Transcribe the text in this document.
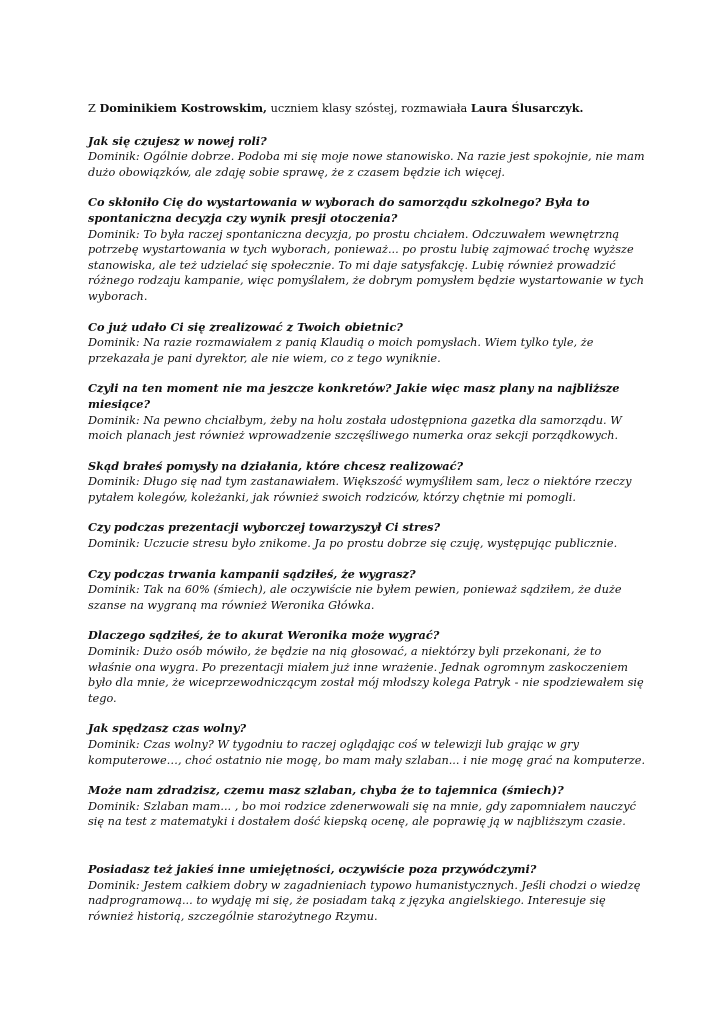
Z Dominikiem Kostrowskim, uczniem klasy szóstej, rozmawiała Laura Ślusarczyk.

Jak się czujesz w nowej roli?

Dominik: Ogólnie dobrze. Podoba mi się moje nowe stanowisko. Na razie jest spokojnie, nie mam dużo obowiązków, ale zdaję sobie sprawę, że z czasem będzie ich więcej.

Co skłoniło Cię do wystartowania w wyborach do samorządu szkolnego? Była to spontaniczna decyzja czy wynik presji otoczenia?

Dominik: To była raczej spontaniczna decyzja, po prostu chciałem. Odczuwałem wewnętrzną potrzebę wystartowania w tych wyborach, ponieważ... po prostu lubię zajmować trochę wyższe stanowiska, ale też udzielać się społecznie. To mi daje satysfakcję. Lubię również prowadzić różnego rodzaju kampanie, więc pomyślałem, że dobrym pomysłem będzie wystartowanie w tych wyborach.

Co już udało Ci się zrealizować z Twoich obietnic?

Dominik: Na razie rozmawiałem z panią Klaudią o moich pomysłach. Wiem tylko tyle, że przekazała je pani dyrektor, ale nie wiem, co z tego wyniknie.

Czyli na ten moment nie ma jeszcze konkretów? Jakie więc masz plany na najbliższe miesiące?

Dominik: Na pewno chciałbym, żeby na holu została udostępniona gazetka dla samorządu. W moich planach jest również wprowadzenie szczęśliwego numerka oraz sekcji porządkowych.

Skąd brałeś pomysły na działania, które chcesz realizować?

Dominik: Długo się nad tym zastanawiałem. Większość wymyśliłem sam, lecz o niektóre rzeczy pytałem kolegów, koleżanki, jak również swoich rodziców, którzy chętnie mi pomogli.

Czy podczas prezentacji wyborczej towarzyszył Ci stres?

Dominik: Uczucie stresu było znikome. Ja po prostu dobrze się czuję, występując publicznie.

Czy podczas trwania kampanii sądziłeś, że wygrasz?

Dominik: Tak na 60% (śmiech), ale oczywiście nie byłem pewien, ponieważ sądziłem, że duże szanse na wygraną ma również Weronika Główka.

Dlaczego sądziłeś, że to akurat Weronika może wygrać?

Dominik: Dużo osób mówiło, że będzie na nią głosować, a niektórzy byli przekonani, że to właśnie ona wygra. Po prezentacji miałem już inne wrażenie. Jednak ogromnym zaskoczeniem było dla mnie, że wiceprzewodniczącym został mój młodszy kolega Patryk - nie spodziewałem się tego.

Jak spędzasz czas wolny?

Dominik: Czas wolny? W tygodniu to raczej oglądając coś w telewizji lub grając w gry komputerowe…, choć ostatnio nie mogę, bo mam mały szlaban... i nie mogę grać na komputerze.

Może nam zdradzisz, czemu masz szlaban, chyba że to tajemnica (śmiech)?

Dominik: Szlaban mam... , bo moi rodzice zdenerwowali się na mnie, gdy zapomniałem nauczyć się na test z matematyki i dostałem dość kiepską ocenę, ale poprawię ją w najbliższym czasie.

Posiadasz też jakieś inne umiejętności, oczywiście poza przywódczymi?

Dominik: Jestem całkiem dobry w zagadnieniach typowo humanistycznych. Jeśli chodzi o wiedzę nadprogramową... to wydaję mi się, że posiadam taką z języka angielskiego. Interesuje się również historią, szczególnie starożytnego Rzymu.
